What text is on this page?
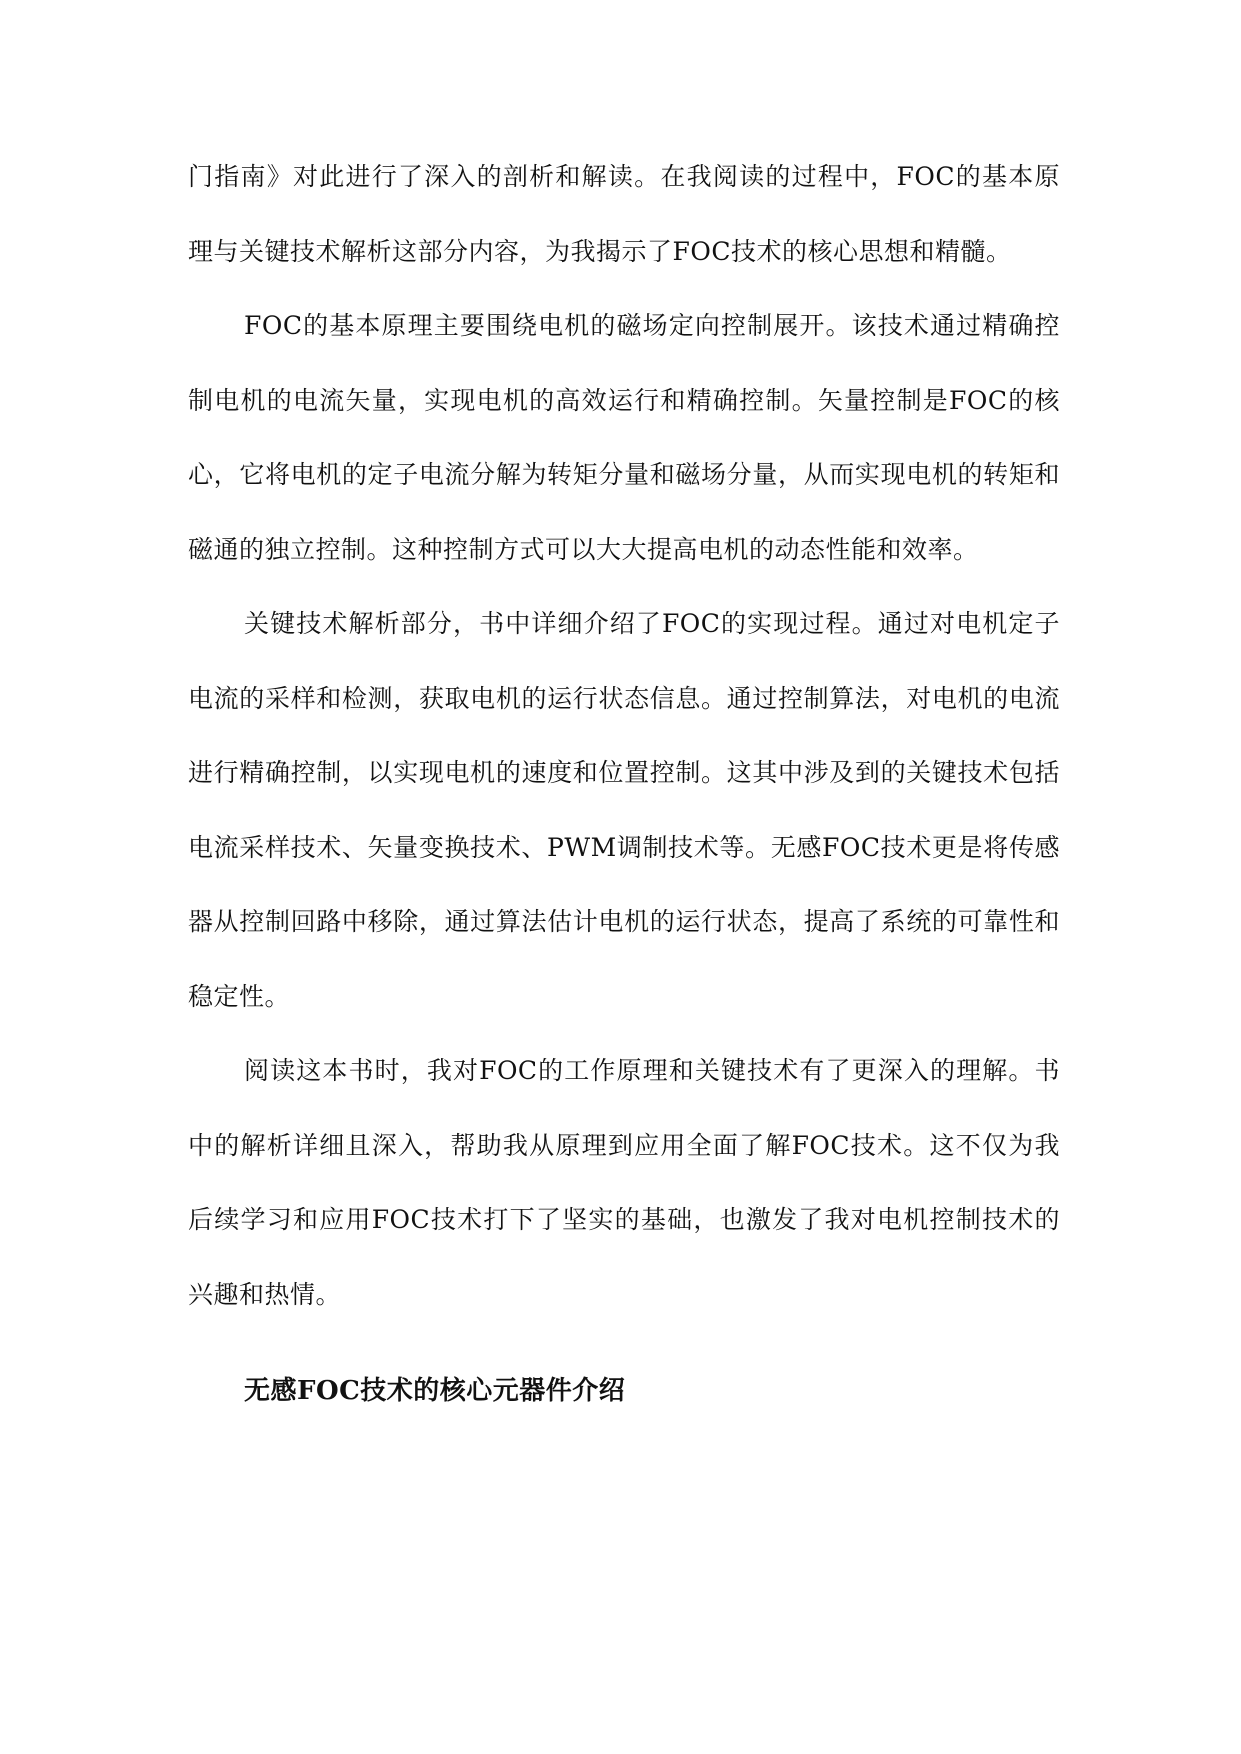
门指南》对此进行了深入的剖析和解读。在我阅读的过程中，FOC的基本原理与关键技术解析这部分内容，为我揭示了FOC技术的核心思想和精髓。

FOC的基本原理主要围绕电机的磁场定向控制展开。该技术通过精确控制电机的电流矢量，实现电机的高效运行和精确控制。矢量控制是FOC的核心，它将电机的定子电流分解为转矩分量和磁场分量，从而实现电机的转矩和磁通的独立控制。这种控制方式可以大大提高电机的动态性能和效率。

关键技术解析部分，书中详细介绍了FOC的实现过程。通过对电机定子电流的采样和检测，获取电机的运行状态信息。通过控制算法，对电机的电流进行精确控制，以实现电机的速度和位置控制。这其中涉及到的关键技术包括电流采样技术、矢量变换技术、PWM调制技术等。无感FOC技术更是将传感器从控制回路中移除，通过算法估计电机的运行状态，提高了系统的可靠性和稳定性。

阅读这本书时，我对FOC的工作原理和关键技术有了更深入的理解。书中的解析详细且深入，帮助我从原理到应用全面了解FOC技术。这不仅为我后续学习和应用FOC技术打下了坚实的基础，也激发了我对电机控制技术的兴趣和热情。

无感FOC技术的核心元器件介绍
